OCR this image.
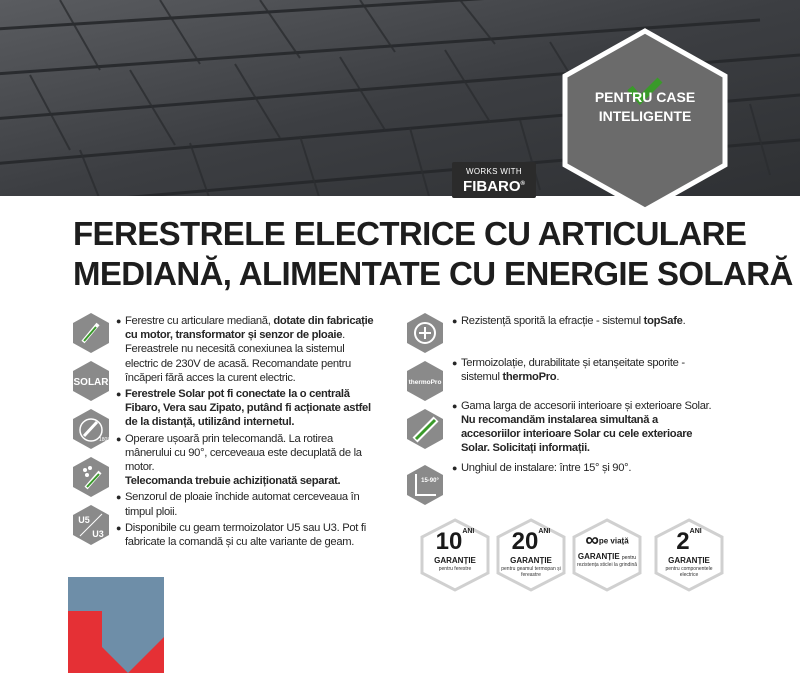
PENTRU CASE
INTELIGENTE
WORKS WITH
FIBARO®
FERESTRELE ELECTRICE CU ARTICULARE
MEDIANĂ, ALIMENTATE CU ENERGIE SOLARĂ
SOLAR
180°
U5
U3
● Ferestre cu articulare mediană, dotate din fabricație cu motor, transformator și senzor de ploaie.
Fereastrele nu necesită conexiunea la sistemul electric de 230V de acasă. Recomandate pentru încăperi fără acces la curent electric.
● Ferestrele Solar pot fi conectate la o centrală Fibaro, Vera sau Zipato, putând fi acționate astfel de la distanță, utilizând internetul.
● Operare ușoară prin telecomandă. La rotirea mânerului cu 90°, cerceveaua este decuplată de la motor.
Telecomanda trebuie achiziționată separat.
● Senzorul de ploaie închide automat cerceveaua în timpul ploii.
● Disponibile cu geam termoizolator U5 sau U3. Pot fi fabricate la comandă și cu alte variante de geam.
thermoPro
15-90°
● Rezistență sporită la efracție - sistemul topSafe.
● Termoizolație, durabilitate și etanșeitate sporite - sistemul thermoPro.
● Gama larga de accesorii interioare și exterioare Solar.
Nu recomandăm instalarea simultană a accesoriilor interioare Solar cu cele exterioare Solar. Solicitați informații.
● Unghiul de instalare: între 15° și 90°.
$10^{ANI}$
GARANȚIE
pentru ferestre
$20^{ANI}$
GARANȚIE
pentru geamul termopan și fereastre
∞pe viață
GARANȚIE pentru
rezistența sticlei la grindină
$2^{ANI}$
GARANȚIE
pentru componentele electrice
